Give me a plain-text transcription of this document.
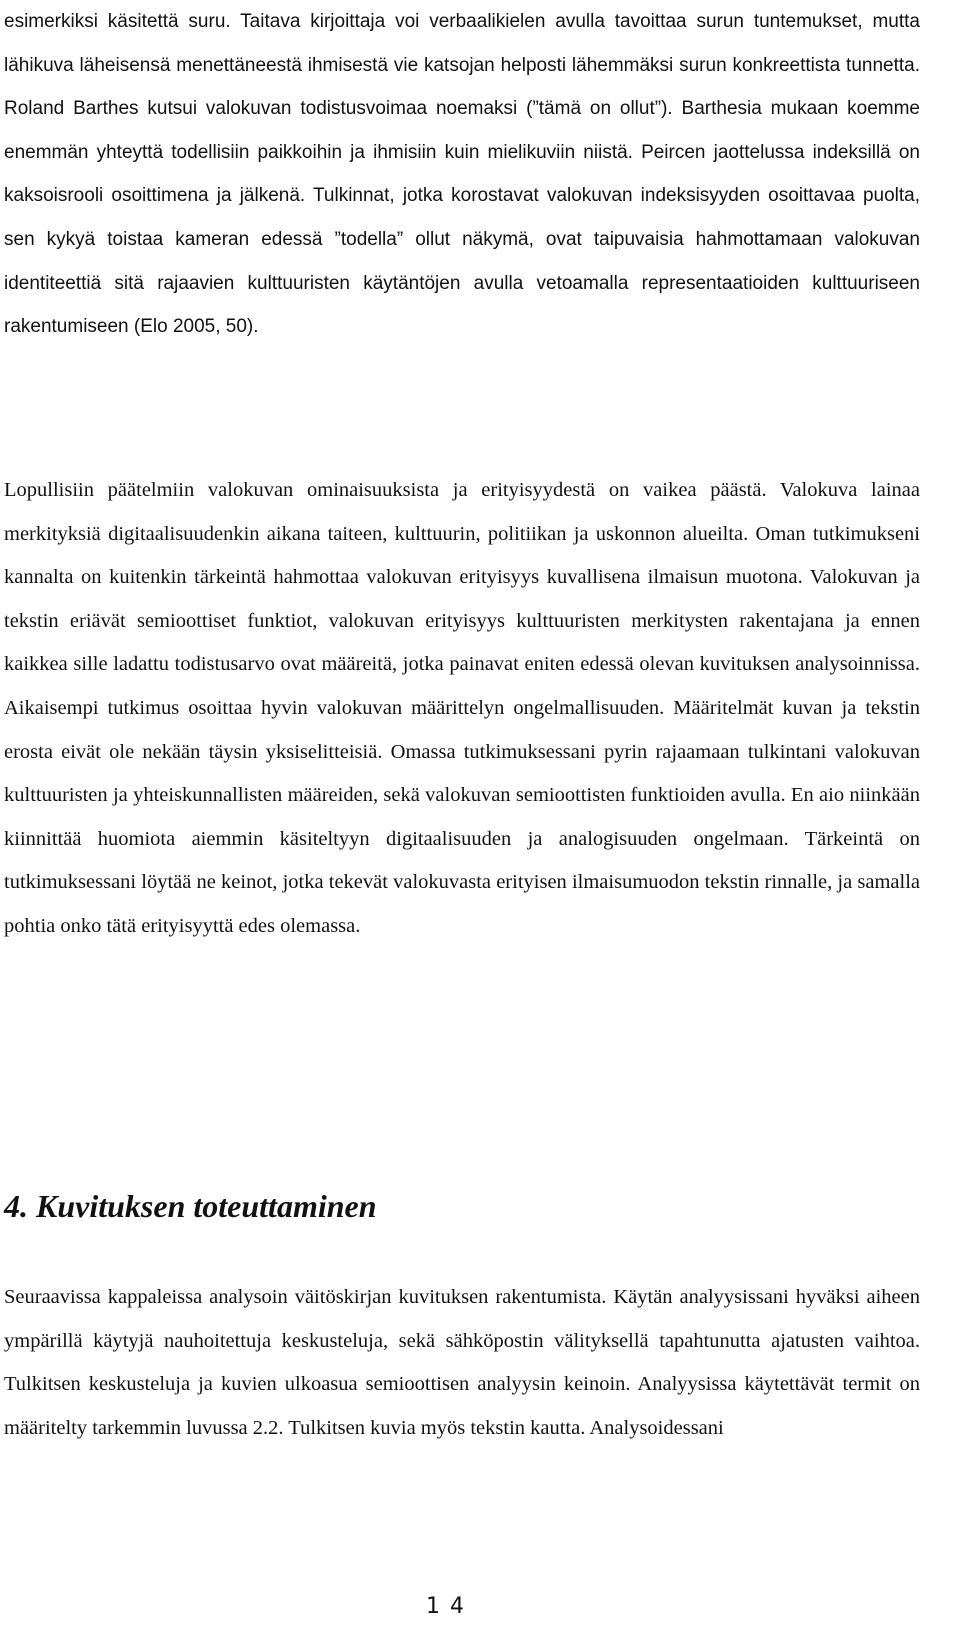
esimerkiksi käsitettä suru. Taitava kirjoittaja voi verbaalikielen avulla tavoittaa surun tuntemukset, mutta lähikuva läheisensä menettäneestä ihmisestä vie katsojan helposti lähemmäksi surun konkreettista tunnetta. Roland Barthes kutsui valokuvan todistusvoimaa noemaksi (”tämä on ollut”). Barthesia mukaan koemme enemmän yhteyttä todellisiin paikkoihin ja ihmisiin kuin mielikuviin niistä. Peircen jaottelussa indeksillä on kaksoisrooli osoittimena ja jälkenä. Tulkinnat, jotka korostavat valokuvan indeksisyyden osoittavaa puolta, sen kykyä toistaa kameran edessä ”todella” ollut näkymä, ovat taipuvaisia hahmottamaan valokuvan identiteettiä sitä rajaavien kulttuuristen käytäntöjen avulla vetoamalla representaatioiden kulttuuriseen rakentumiseen (Elo 2005, 50).

Lopullisiin päätelmiin valokuvan ominaisuuksista ja erityisyydestä on vaikea päästä. Valokuva lainaa merkityksiä digitaalisuudenkin aikana taiteen, kulttuurin, politiikan ja uskonnon alueilta. Oman tutkimukseni kannalta on kuitenkin tärkeintä hahmottaa valokuvan erityisyys kuvallisena ilmaisun muotona. Valokuvan ja tekstin eriävät semioottiset funktiot, valokuvan erityisyys kulttuuristen merkitysten rakentajana ja ennen kaikkea sille ladattu todistusarvo ovat määreitä, jotka painavat eniten edessä olevan kuvituksen analysoinnissa. Aikaisempi tutkimus osoittaa hyvin valokuvan määrittelyn ongelmallisuuden. Määritelmät kuvan ja tekstin erosta eivät ole nekään täysin yksiselitteisiä. Omassa tutkimuksessani pyrin rajaamaan tulkintani valokuvan kulttuuristen ja yhteiskunnallisten määreiden, sekä valokuvan semioottisten funktioiden avulla. En aio niinkään kiinnittää huomiota aiemmin käsiteltyyn digitaalisuuden ja analogisuuden ongelmaan. Tärkeintä on tutkimuksessani löytää ne keinot, jotka tekevät valokuvasta erityisen ilmaisumuodon tekstin rinnalle, ja samalla pohtia onko tätä erityisyyttä edes olemassa.

4. Kuvituksen toteuttaminen

Seuraavissa kappaleissa analysoin väitöskirjan kuvituksen rakentumista. Käytän analyysissani hyväksi aiheen ympärillä käytyjä nauhoitettuja keskusteluja, sekä sähköpostin välityksellä tapahtunutta ajatusten vaihtoa. Tulkitsen keskusteluja ja kuvien ulkoasua semioottisen analyysin keinoin. Analyysissa käytettävät termit on määritelty tarkemmin luvussa 2.2. Tulkitsen kuvia myös tekstin kautta. Analysoidessani

14
